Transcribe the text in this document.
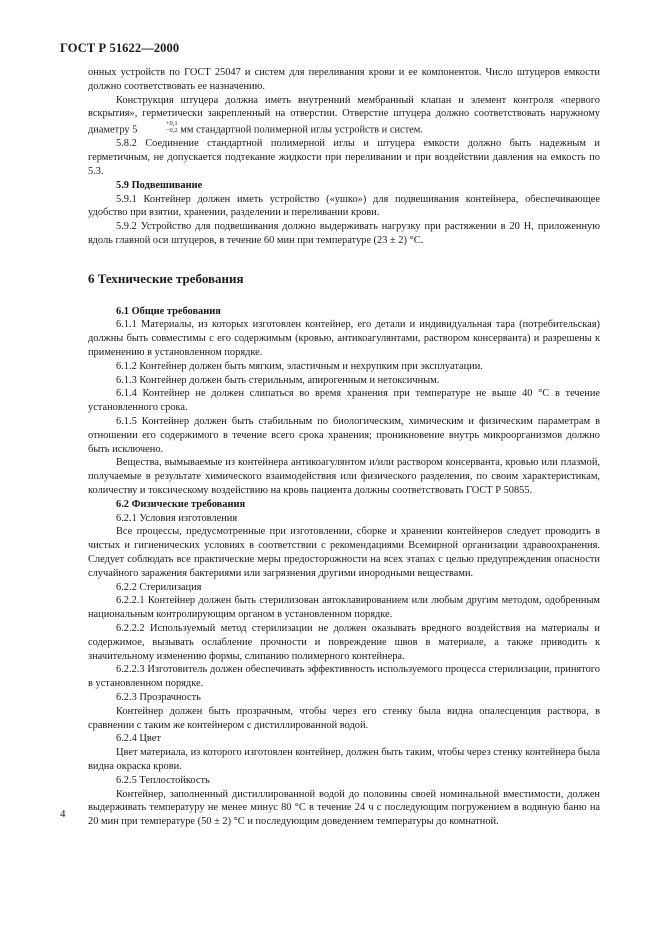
ГОСТ Р 51622—2000

онных устройств по ГОСТ 25047 и систем для переливания крови и ее компонентов. Число штуцеров емкости должно соответствовать ее назначению.

Конструкция штуцера должна иметь внутренний мембранный клапан и элемент контроля «первого вскрытия», герметически закрепленный на отверстии. Отверстие штуцера должно соответствовать наружному диаметру 5
$^{+0,1 -0,2}$ мм стандартной полимерной иглы устройств и систем.

5.8.2 Соединение стандартной полимерной иглы и штуцера емкости должно быть надежным и герметичным, не допускается подтекание жидкости при переливании и при воздействии давления на емкость по 5.3.

5.9 Подвешивание

5.9.1 Контейнер должен иметь устройство («ушко») для подвешивания контейнера, обеспечивающее удобство при взятии, хранении, разделении и переливании крови.

5.9.2 Устройство для подвешивания должно выдерживать нагрузку при растяжении в 20 Н, приложенную вдоль главной оси штуцеров, в течение 60 мин при температуре (23 ± 2) °С.

6 Технические требования

6.1 Общие требования

6.1.1 Материалы, из которых изготовлен контейнер, его детали и индивидуальная тара (потребительская) должны быть совместимы с его содержимым (кровью, антикоагулянтами, раствором консерванта) и разрешены к применению в установленном порядке.

6.1.2 Контейнер должен быть мягким, эластичным и нехрупким при эксплуатации.

6.1.3 Контейнер должен быть стерильным, апирогенным и нетоксичным.

6.1.4 Контейнер не должен слипаться во время хранения при температуре не выше 40 °С в течение установленного срока.

6.1.5 Контейнер должен быть стабильным по биологическим, химическим и физическим параметрам в отношении его содержимого в течение всего срока хранения; проникновение внутрь микроорганизмов должно быть исключено.

Вещества, вымываемые из контейнера антикоагулянтом и/или раствором консерванта, кровью или плазмой, получаемые в результате химического взаимодействия или физического разделения, по своим характеристикам, количеству и токсическому воздействию на кровь пациента должны соответствовать ГОСТ Р 50855.

6.2 Физические требования

6.2.1 Условия изготовления

Все процессы, предусмотренные при изготовлении, сборке и хранении контейнеров следует проводить в чистых и гигиенических условиях в соответствии с рекомендациями Всемирной организации здравоохранения. Следует соблюдать все практические меры предосторожности на всех этапах с целью предупреждения опасности случайного заражения бактериями или загрязнения другими инородными веществами.

6.2.2 Стерилизация

6.2.2.1 Контейнер должен быть стерилизован автоклавированием или любым другим методом, одобренным национальным контролирующим органом в установленном порядке.

6.2.2.2 Используемый метод стерилизации не должен оказывать вредного воздействия на материалы и содержимое, вызывать ослабление прочности и повреждение швов в материале, а также приводить к значительному изменению формы, слипанию полимерного контейнера.

6.2.2.3 Изготовитель должен обеспечивать эффективность используемого процесса стерилизации, принятого в установленном порядке.

6.2.3 Прозрачность

Контейнер должен быть прозрачным, чтобы через его стенку была видна опалесценция раствора, в сравнении с таким же контейнером с дистиллированной водой.

6.2.4 Цвет

Цвет материала, из которого изготовлен контейнер, должен быть таким, чтобы через стенку контейнера была видна окраска крови.

6.2.5 Теплостойкость

Контейнер, заполненный дистиллированной водой до половины своей номинальной вместимости, должен выдерживать температуру не менее минус 80 °С в течение 24 ч с последующим погружением в водяную баню на 20 мин при температуре (50 ± 2) °С и последующим доведением температуры до комнатной.

4
